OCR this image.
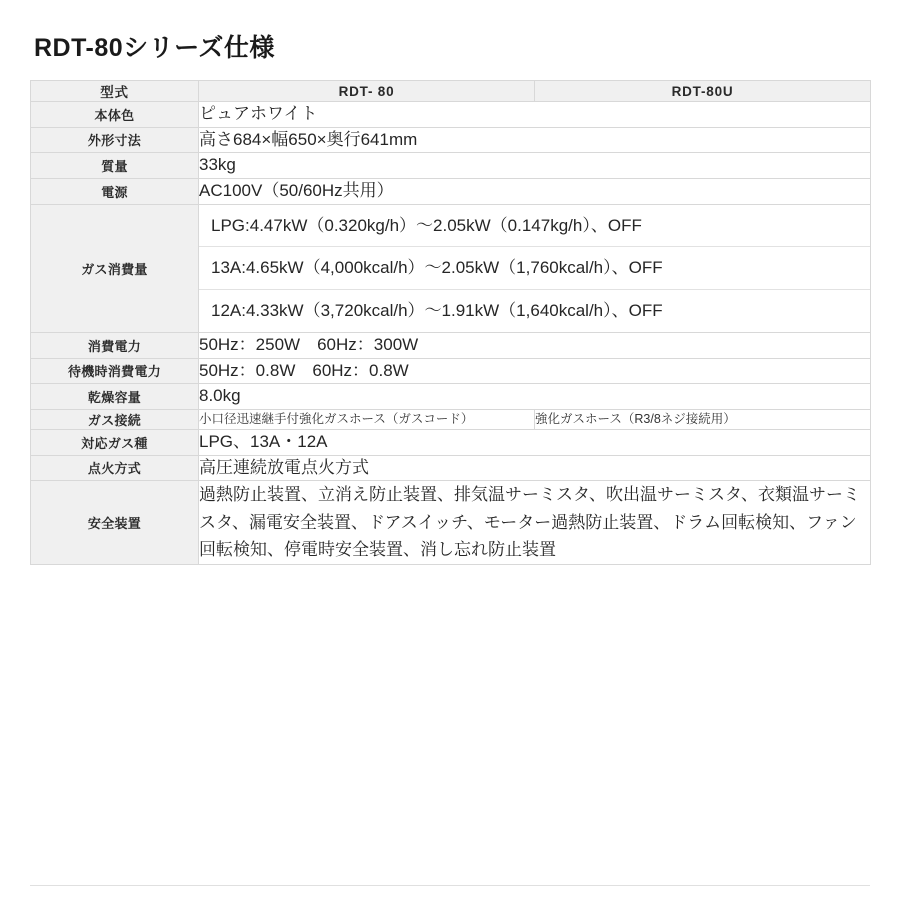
RDT-80シリーズ仕様
型式	RDT- 80	RDT-80U
本体色	ピュアホワイト	
外形寸法	高さ684×幅650×奥行641mm	
質量	33kg	
電源	AC100V（50/60Hz共用）	
ガス消費量	LPG:4.47kW（0.320kg/h）〜2.05kW（0.147kg/h）、OFF
13A:4.65kW（4,000kcal/h）〜2.05kW（1,760kcal/h）、OFF
12A:4.33kW（3,720kcal/h）〜1.91kW（1,640kcal/h）、OFF	

消費電力	50Hz：250W　60Hz：300W	
待機時消費電力	50Hz：0.8W　60Hz：0.8W	
乾燥容量	8.0kg	
ガス接続	小口径迅速継手付強化ガスホース（ガスコード）	強化ガスホース（R3/8ネジ接続用）
対応ガス種	LPG、13A・12A	
点火方式	高圧連続放電点火方式	
安全装置	過熱防止装置、立消え防止装置、排気温サーミスタ、吹出温サーミスタ、衣類温サーミスタ、漏電安全装置、ドアスイッチ、モーター過熱防止装置、ドラム回転検知、ファン回転検知、停電時安全装置、消し忘れ防止装置	
